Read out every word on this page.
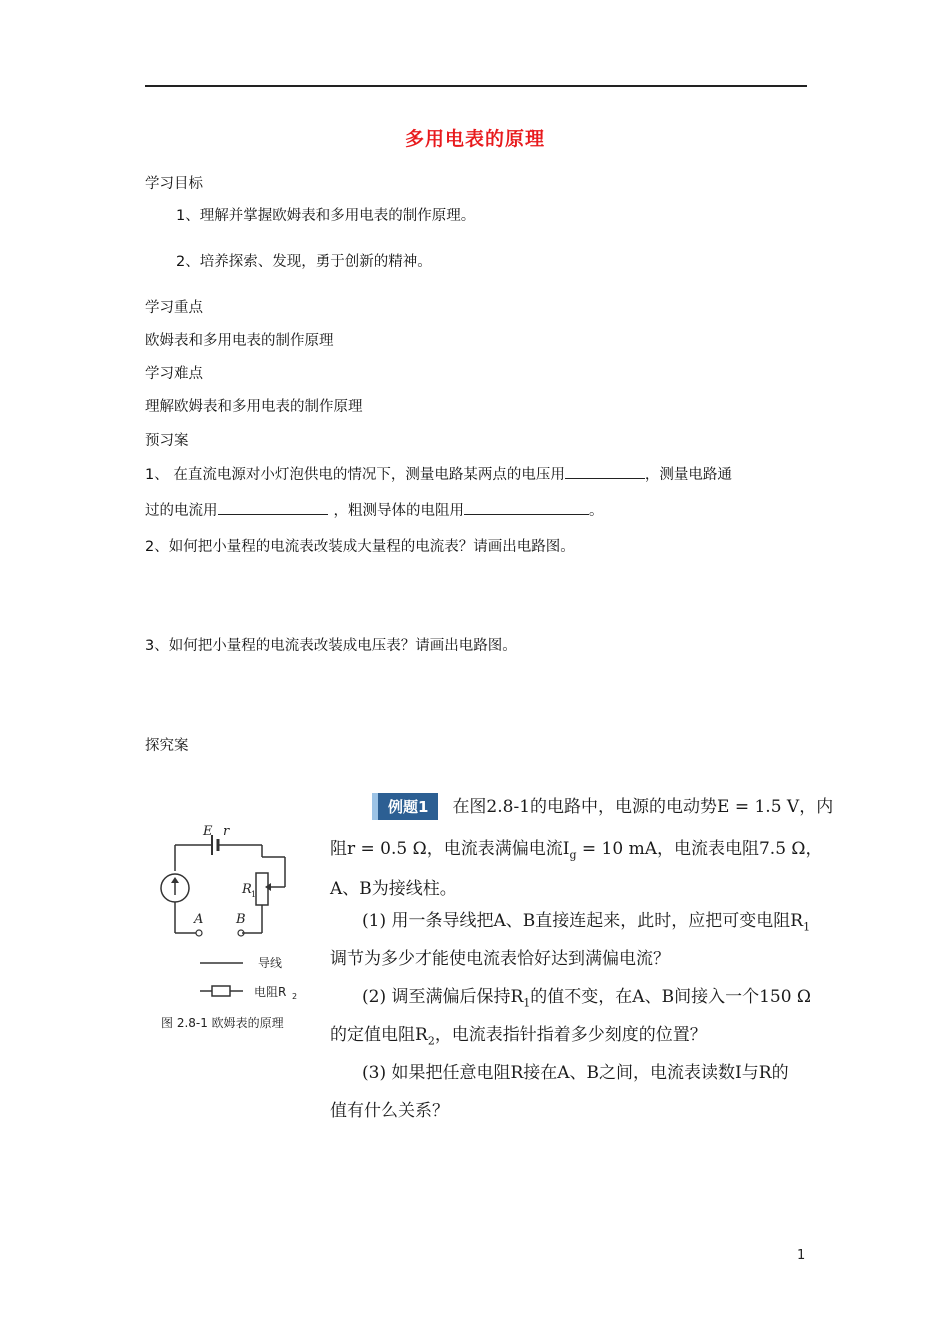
多用电表的原理
学习目标
1、理解并掌握欧姆表和多用电表的制作原理。
2、培养探索、发现，勇于创新的精神。
学习重点
欧姆表和多用电表的制作原理
学习难点
理解欧姆表和多用电表的制作原理
预习案
1、 在直流电源对小灯泡供电的情况下，测量电路某两点的电压用	，测量电路通
过的电流用	，粗测导体的电阻用	。
2、如何把小量程的电流表改装成大量程的电流表？请画出电路图。
3、如何把小量程的电流表改装成电压表？请画出电路图。
探究案
E r
R 1
A	B
导线
电阻R 2
图 2.8-1 欧姆表的原理
例题1 在图2.8-1的电路中，电源的电动势E = 1.5 V，内
阻r = 0.5 Ω，电流表满偏电流$I_g = 10$ mA，电流表电阻7.5 Ω，
A、B为接线柱。
(1) 用一条导线把A、B直接连起来，此时，应把可变电阻$R_1$
调节为多少才能使电流表恰好达到满偏电流？
(2) 调至满偏后保持$R_1$的值不变，在A、B间接入一个150 Ω
的定值电阻$R_2$，电流表指针指着多少刻度的位置？
(3) 如果把任意电阻R接在A、B之间，电流表读数I与R的
值有什么关系？
1
